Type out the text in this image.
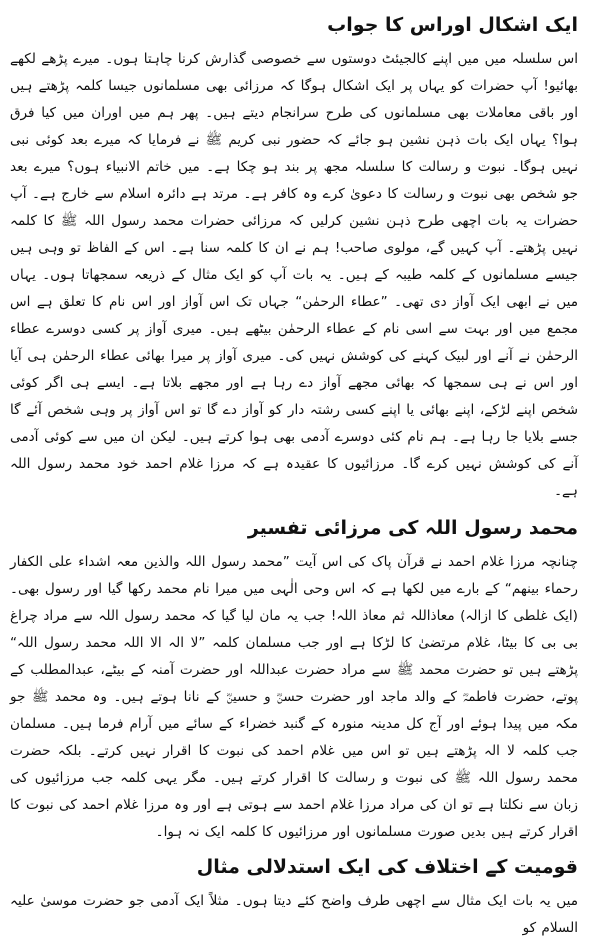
ایک اشکال اوراس کا جواب

اس سلسلہ میں میں اپنے کالجیئٹ دوستوں سے خصوصی گذارش کرنا چاہتا ہوں۔ میرے پڑھے لکھے بھائیو! آپ حضرات کو یہاں پر ایک اشکال ہوگا کہ مرزائی بھی مسلمانوں جیسا کلمہ پڑھتے ہیں اور باقی معاملات بھی مسلمانوں کی طرح سرانجام دیتے ہیں۔ پھر ہم میں اوران میں کیا فرق ہوا؟ یہاں ایک بات ذہن نشین ہو جائے کہ حضور نبی کریم ﷺ نے فرمایا کہ میرے بعد کوئی نبی نہیں ہوگا۔ نبوت و رسالت کا سلسلہ مجھ پر بند ہو چکا ہے۔ میں خاتم الانبیاء ہوں؟ میرے بعد جو شخص بھی نبوت و رسالت کا دعویٰ کرے وہ کافر ہے۔ مرتد ہے دائرہ اسلام سے خارج ہے۔ آپ حضرات یہ بات اچھی طرح ذہن نشین کرلیں کہ مرزائی حضرات محمد رسول اللہ ﷺ کا کلمہ نہیں پڑھتے۔ آپ کہیں گے، مولوی صاحب! ہم نے ان کا کلمہ سنا ہے۔ اس کے الفاظ تو وہی ہیں جیسے مسلمانوں کے کلمہ طیبہ کے ہیں۔ یہ بات آپ کو ایک مثال کے ذریعہ سمجھاتا ہوں۔ یہاں میں نے ابھی ایک آواز دی تھی۔ ”عطاء الرحمٰن“ جہاں تک اس آواز اور اس نام کا تعلق ہے اس مجمع میں اور بہت سے اسی نام کے عطاء الرحمٰن بیٹھے ہیں۔ میری آواز پر کسی دوسرے عطاء الرحمٰن نے آنے اور لبیک کہنے کی کوشش نہیں کی۔ میری آواز پر میرا بھائی عطاء الرحمٰن ہی آیا اور اس نے ہی سمجھا کہ بھائی مجھے آواز دے رہا ہے اور مجھے بلاتا ہے۔ ایسے ہی اگر کوئی شخص اپنے لڑکے، اپنے بھائی یا اپنے کسی رشتہ دار کو آواز دے گا تو اس آواز پر وہی شخص آئے گا جسے بلایا جا رہا ہے۔ ہم نام کئی دوسرے آدمی بھی ہوا کرتے ہیں۔ لیکن ان میں سے کوئی آدمی آنے کی کوشش نہیں کرے گا۔ مرزائیوں کا عقیدہ ہے کہ مرزا غلام احمد خود محمد رسول اللہ ہے۔

محمد رسول اللہ کی مرزائی تفسیر

چنانچہ مرزا غلام احمد نے قرآن پاک کی اس آیت ”محمد رسول اللہ والذین معہ اشداء علی الکفار رحماء بینھم“ کے بارے میں لکھا ہے کہ اس وحی الٰہی میں میرا نام محمد رکھا گیا اور رسول بھی۔ (ایک غلطی کا ازالہ) معاذاللہ ثم معاذ اللہ! جب یہ مان لیا گیا کہ محمد رسول اللہ سے مراد چراغ بی بی کا بیٹا، غلام مرتضیٰ کا لڑکا ہے اور جب مسلمان کلمہ ”لا الہ الا اللہ محمد رسول اللہ“ پڑھتے ہیں تو حضرت محمد ﷺ سے مراد حضرت عبداللہ اور حضرت آمنہ کے بیٹے، عبدالمطلب کے پوتے، حضرت فاطمہؓ کے والد ماجد اور حضرت حسنؓ و حسینؓ کے نانا ہوتے ہیں۔ وہ محمد ﷺ جو مکہ میں پیدا ہوئے اور آج کل مدینہ منورہ کے گنبد خضراء کے سائے میں آرام فرما ہیں۔ مسلمان جب کلمہ لا الہ پڑھتے ہیں تو اس میں غلام احمد کی نبوت کا اقرار نہیں کرتے۔ بلکہ حضرت محمد رسول اللہ ﷺ کی نبوت و رسالت کا اقرار کرتے ہیں۔ مگر یہی کلمہ جب مرزائیوں کی زبان سے نکلتا ہے تو ان کی مراد مرزا غلام احمد سے ہوتی ہے اور وہ مرزا غلام احمد کی نبوت کا اقرار کرتے ہیں بدیں صورت مسلمانوں اور مرزائیوں کا کلمہ ایک نہ ہوا۔

قومیت کے اختلاف کی ایک استدلالی مثال

میں یہ بات ایک مثال سے اچھی طرف واضح کئے دیتا ہوں۔ مثلاً ایک آدمی جو حضرت موسیٰ علیہ السلام کو
